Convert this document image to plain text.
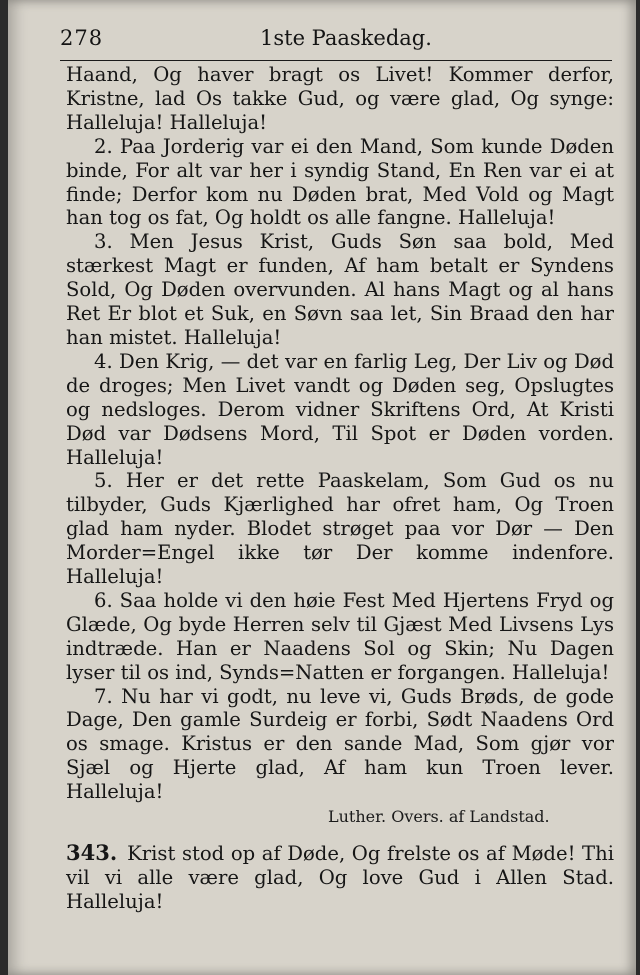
278	1ste Paaskedag.

Haand, Og haver bragt os Livet! Kommer derfor, Kristne, lad Os takke Gud, og være glad, Og synge: Halleluja! Halleluja!

2. Paa Jorderig var ei den Mand, Som kunde Døden binde, For alt var her i syndig Stand, En Ren var ei at finde; Derfor kom nu Døden brat, Med Vold og Magt han tog os fat, Og holdt os alle fangne. Halleluja!

3. Men Jesus Krist, Guds Søn saa bold, Med stærkest Magt er funden, Af ham betalt er Syndens Sold, Og Døden overvunden. Al hans Magt og al hans Ret Er blot et Suk, en Søvn saa let, Sin Braad den har han mistet. Halleluja!

4. Den Krig, — det var en farlig Leg, Der Liv og Død de droges; Men Livet vandt og Døden seg, Opslugtes og nedsloges. Derom vidner Skriftens Ord, At Kristi Død var Dødsens Mord, Til Spot er Døden vorden. Halleluja!

5. Her er det rette Paaskelam, Som Gud os nu tilbyder, Guds Kjærlighed har ofret ham, Og Troen glad ham nyder. Blodet strøget paa vor Dør — Den Morder=Engel ikke tør Der komme indenfore. Halleluja!

6. Saa holde vi den høie Fest Med Hjertens Fryd og Glæde, Og byde Herren selv til Gjæst Med Livsens Lys indtræde. Han er Naadens Sol og Skin; Nu Dagen lyser til os ind, Synds=Natten er forgangen. Halleluja!

7. Nu har vi godt, nu leve vi, Guds Brøds, de gode Dage, Den gamle Surdeig er forbi, Sødt Naadens Ord os smage. Kristus er den sande Mad, Som gjør vor Sjæl og Hjerte glad, Af ham kun Troen lever. Halleluja!

Luther. Overs. af Landstad.

343. Krist stod op af Døde, Og frelste os af Møde! Thi vil vi alle være glad, Og love Gud i Allen Stad. Halleluja!
